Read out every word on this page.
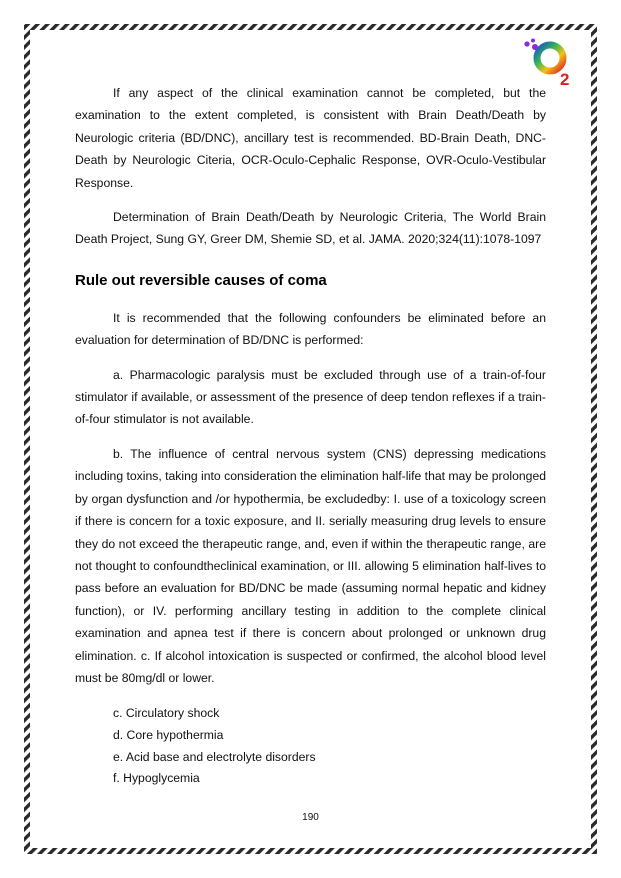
2

If any aspect of the clinical examination cannot be completed, but the examination to the extent completed, is consistent with Brain Death/Death by Neurologic criteria (BD/DNC), ancillary test is recommended. BD-Brain Death, DNC-Death by Neurologic Citeria, OCR-Oculo-Cephalic Response, OVR-Oculo-Vestibular Response.

Determination of Brain Death/Death by Neurologic Criteria, The World Brain Death Project, Sung GY, Greer DM, Shemie SD, et al. JAMA. 2020;324(11):1078-1097

Rule out reversible causes of coma

It is recommended that the following confounders be eliminated before an evaluation for determination of BD/DNC is performed:

a. Pharmacologic paralysis must be excluded through use of a train-of-four stimulator if available, or assessment of the presence of deep tendon reflexes if a train-of-four stimulator is not available.

b. The influence of central nervous system (CNS) depressing medications including toxins, taking into consideration the elimination half-life that may be prolonged by organ dysfunction and /or hypothermia, be excludedby: I. use of a toxicology screen if there is concern for a toxic exposure, and II. serially measuring drug levels to ensure they do not exceed the therapeutic range, and, even if within the therapeutic range, are not thought to confoundtheclinical examination, or III. allowing 5 elimination half-lives to pass before an evaluation for BD/DNC be made (assuming normal hepatic and kidney function), or IV. performing ancillary testing in addition to the complete clinical examination and apnea test if there is concern about prolonged or unknown drug elimination. c. If alcohol intoxication is suspected or confirmed, the alcohol blood level must be 80mg/dl or lower.

c. Circulatory shock
d. Core hypothermia
e. Acid base and electrolyte disorders
f. Hypoglycemia
190
